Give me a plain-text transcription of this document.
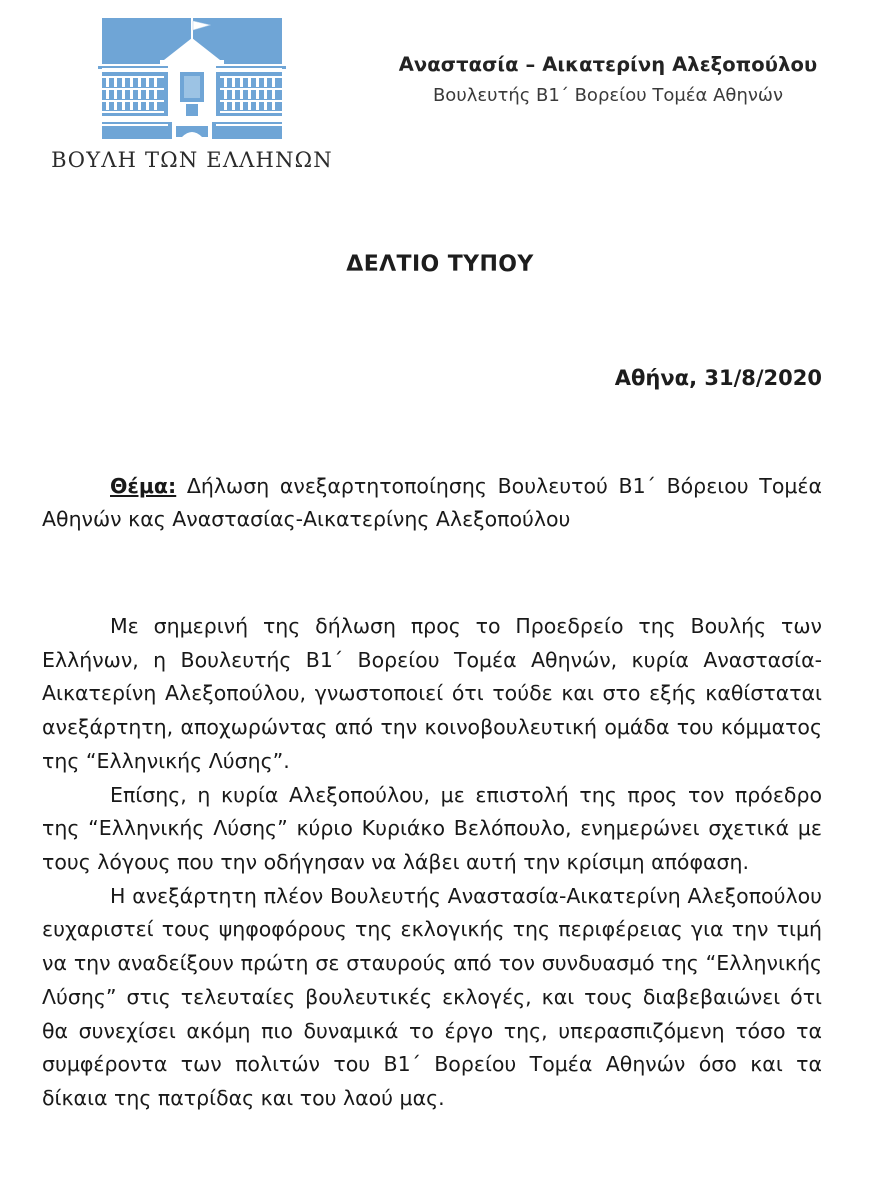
ΒΟΥΛΗ ΤΩΝ ΕΛΛΗΝΩΝ
Αναστασία – Αικατερίνη Αλεξοπούλου
Βουλευτής Β1΄ Βορείου Τομέα Αθηνών
ΔΕΛΤΙΟ ΤΥΠΟΥ
Αθήνα, 31/8/2020
Θέμα: Δήλωση ανεξαρτητοποίησης Βουλευτού Β1΄ Βόρειου Τομέα Αθηνών κας Αναστασίας-Αικατερίνης Αλεξοπούλου

Με σημερινή της δήλωση προς το Προεδρείο της Βουλής των Ελλήνων, η Βουλευτής Β1΄ Βορείου Τομέα Αθηνών, κυρία Αναστασία-Αικατερίνη Αλεξοπούλου, γνωστοποιεί ότι τούδε και στο εξής καθίσταται ανεξάρτητη, αποχωρώντας από την κοινοβουλευτική ομάδα του κόμματος της “Ελληνικής Λύσης”.

Επίσης, η κυρία Αλεξοπούλου, με επιστολή της προς τον πρόεδρο της “Ελληνικής Λύσης” κύριο Κυριάκο Βελόπουλο, ενημερώνει σχετικά με τους λόγους που την οδήγησαν να λάβει αυτή την κρίσιμη απόφαση.

Η ανεξάρτητη πλέον Βουλευτής Αναστασία-Αικατερίνη Αλεξοπούλου ευχαριστεί τους ψηφοφόρους της εκλογικής της περιφέρειας για την τιμή να την αναδείξουν πρώτη σε σταυρούς από τον συνδυασμό της “Ελληνικής Λύσης” στις τελευταίες βουλευτικές εκλογές, και τους διαβεβαιώνει ότι θα συνεχίσει ακόμη πιο δυναμικά το έργο της, υπερασπιζόμενη τόσο τα συμφέροντα των πολιτών του Β1΄ Βορείου Τομέα Αθηνών όσο και τα δίκαια της πατρίδας και του λαού μας.
